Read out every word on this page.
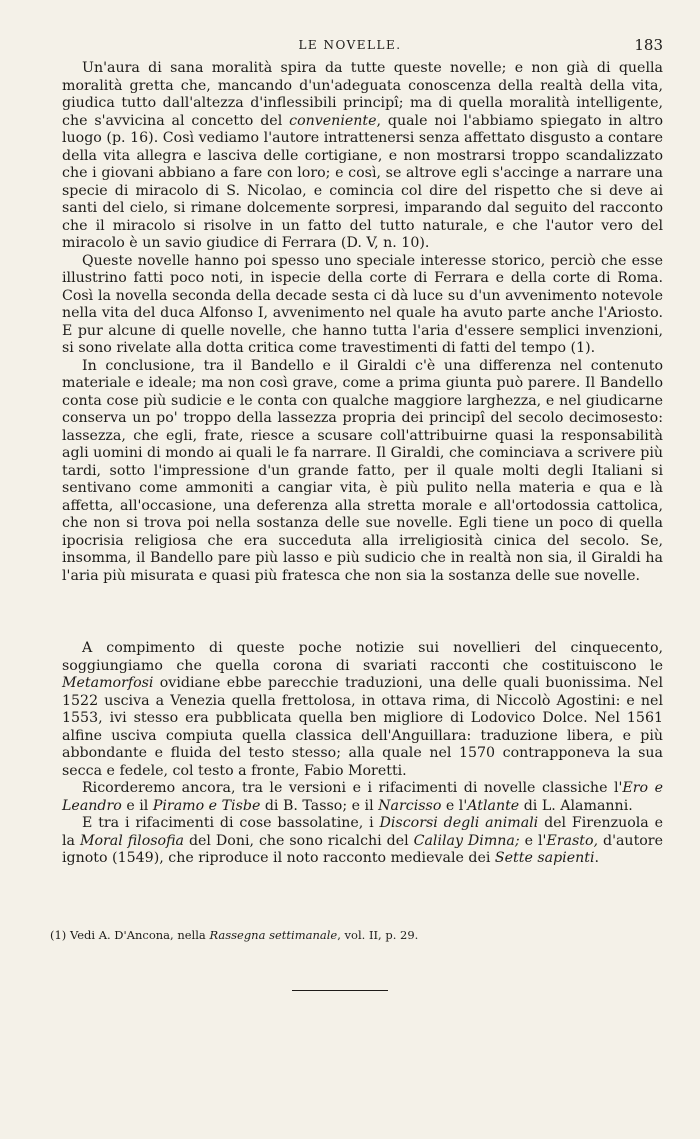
LE NOVELLE.	183

Un'aura di sana moralità spira da tutte queste novelle; e non già di quella moralità gretta che, mancando d'un'adeguata conoscenza della realtà della vita, giudica tutto dall'altezza d'inflessibili principî; ma di quella moralità intelligente, che s'avvicina al concetto del conveniente, quale noi l'abbiamo spiegato in altro luogo (p. 16). Così vediamo l'autore intrattenersi senza affettato disgusto a contare della vita allegra e lasciva delle cortigiane, e non mostrarsi troppo scandalizzato che i giovani abbiano a fare con loro; e così, se altrove egli s'accinge a narrare una specie di miracolo di S. Nicolao, e comincia col dire del rispetto che si deve ai santi del cielo, si rimane dolcemente sorpresi, imparando dal seguito del racconto che il miracolo si risolve in un fatto del tutto naturale, e che l'autor vero del miracolo è un savio giudice di Ferrara (D. V, n. 10).

Queste novelle hanno poi spesso uno speciale interesse storico, perciò che esse illustrino fatti poco noti, in ispecie della corte di Ferrara e della corte di Roma. Così la novella seconda della decade sesta ci dà luce su d'un avvenimento notevole nella vita del duca Alfonso I, avvenimento nel quale ha avuto parte anche l'Ariosto. E pur alcune di quelle novelle, che hanno tutta l'aria d'essere semplici invenzioni, si sono rivelate alla dotta critica come travestimenti di fatti del tempo (1).

In conclusione, tra il Bandello e il Giraldi c'è una differenza nel contenuto materiale e ideale; ma non così grave, come a prima giunta può parere. Il Bandello conta cose più sudicie e le conta con qualche maggiore larghezza, e nel giudicarne conserva un po' troppo della lassezza propria dei principî del secolo decimosesto: lassezza, che egli, frate, riesce a scusare coll'attribuirne quasi la responsabilità agli uomini di mondo ai quali le fa narrare. Il Giraldi, che cominciava a scrivere più tardi, sotto l'impressione d'un grande fatto, per il quale molti degli Italiani si sentivano come ammoniti a cangiar vita, è più pulito nella materia e qua e là affetta, all'occasione, una deferenza alla stretta morale e all'ortodossia cattolica, che non si trova poi nella sostanza delle sue novelle. Egli tiene un poco di quella ipocrisia religiosa che era succeduta alla irreligiosità cinica del secolo. Se, insomma, il Bandello pare più lasso e più sudicio che in realtà non sia, il Giraldi ha l'aria più misurata e quasi più fratesca che non sia la sostanza delle sue novelle.

A compimento di queste poche notizie sui novellieri del cinquecento, soggiungiamo che quella corona di svariati racconti che costituiscono le Metamorfosi ovidiane ebbe parecchie traduzioni, una delle quali buonissima. Nel 1522 usciva a Venezia quella frettolosa, in ottava rima, di Niccolò Agostini: e nel 1553, ivi stesso era pubblicata quella ben migliore di Lodovico Dolce. Nel 1561 alfine usciva compiuta quella classica dell'Anguillara: traduzione libera, e più abbondante e fluida del testo stesso; alla quale nel 1570 contrapponeva la sua secca e fedele, col testo a fronte, Fabio Moretti.

Ricorderemo ancora, tra le versioni e i rifacimenti di novelle classiche l'Ero e Leandro e il Piramo e Tisbe di B. Tasso; e il Narcisso e l'Atlante di L. Alamanni.

E tra i rifacimenti di cose bassolatine, i Discorsi degli animali del Firenzuola e la Moral filosofia del Doni, che sono ricalchi del Calilay Dimna; e l'Erasto, d'autore ignoto (1549), che riproduce il noto racconto medievale dei Sette sapienti.

(1) Vedi A. D'Ancona, nella Rassegna settimanale, vol. II, p. 29.
